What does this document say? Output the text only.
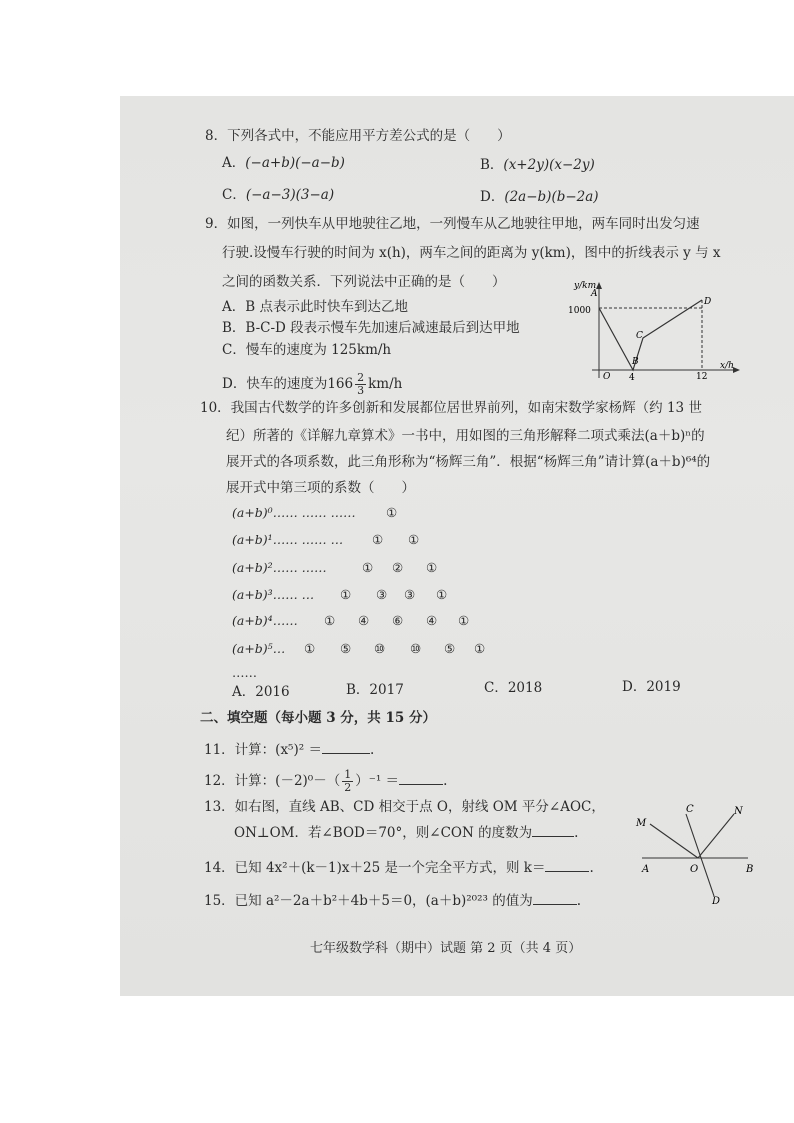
8．下列各式中，不能应用平方差公式的是（　　）
A．(−a+b)(−a−b)	B．(x+2y)(x−2y)
C．(−a−3)(3−a)	D．(2a−b)(b−2a)
9．如图，一列快车从甲地驶往乙地，一列慢车从乙地驶往甲地，两车同时出发匀速
行驶.设慢车行驶的时间为 x(h)，两车之间的距离为 y(km)，图中的折线表示 y 与 x
之间的函数关系．下列说法中正确的是（　　）
A．B 点表示此时快车到达乙地
B．B-C-D 段表示慢车先加速后减速最后到达甲地
C．慢车的速度为 125km/h
D．快车的速度为$166 \frac{2}{3} km/h$
y/km
1000
A
B
C
D
O 4	12
x/h
10．我国古代数学的许多创新和发展都位居世界前列，如南宋数学家杨辉（约 13 世
纪）所著的《详解九章算术》一书中，用如图的三角形解释二项式乘法(a＋b)ⁿ的
展开式的各项系数，此三角形称为“杨辉三角”．根据“杨辉三角”请计算(a＋b)⁶⁴的
展开式中第三项的系数（　　）
(a+b)⁰…… …… …… ①
(a+b)¹…… …… … ① ①
(a+b)²…… ……	① ② ①
(a+b)³…… … ① ③ ③ ①
(a+b)⁴…… ① ④ ⑥ ④ ①
(a+b)⁵… ① ⑤ ⑩ ⑩ ⑤ ①
……
A．2016	B．2017	C．2018	D．2019
二、填空题（每小题 3 分，共 15 分）
11．计算：(x⁵)² ＝	.
12．计算：$(-2)^0-( \frac{1}{2} )^{-1}$ ＝	.
13．如右图，直线 AB、CD 相交于点 O，射线 OM 平分∠AOC，
ON⊥OM．若∠BOD＝70°，则∠CON 的度数为	.
C	N
M
A	O	B
D
14．已知 4x²＋(k－1)x＋25 是一个完全平方式，则 k＝	.
15．已知 a²－2a＋b²＋4b＋5＝0，(a＋b)²⁰²³ 的值为	.
七年级数学科（期中）试题 第 2 页（共 4 页）
